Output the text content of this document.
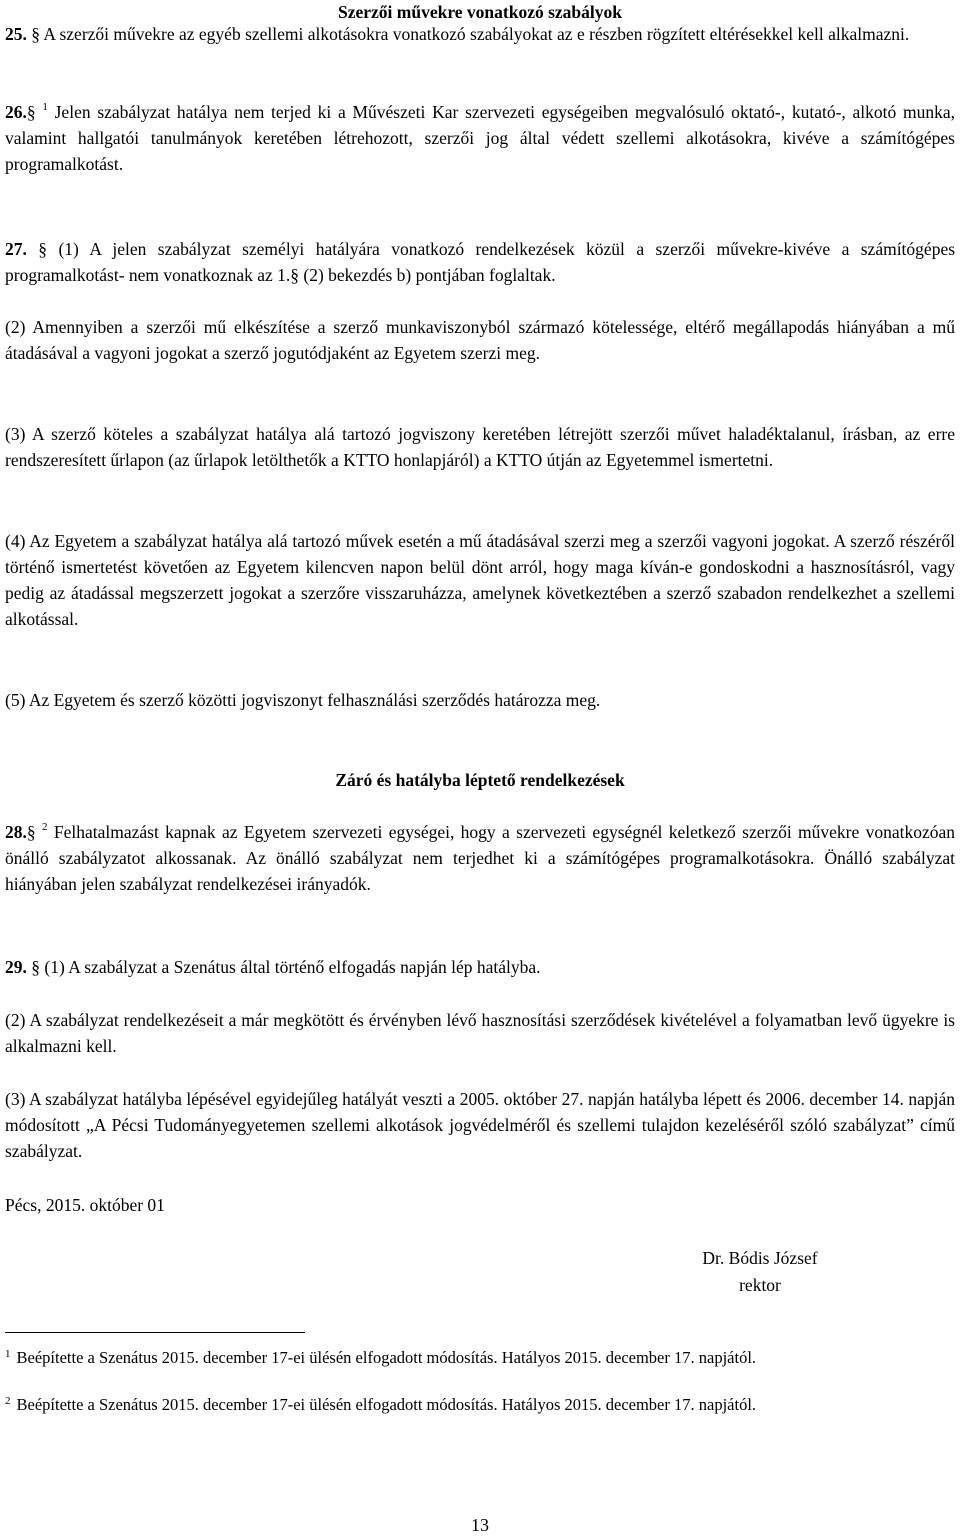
Szerzői művekre vonatkozó szabályok

25. § A szerzői művekre az egyéb szellemi alkotásokra vonatkozó szabályokat az e részben rögzített eltérésekkel kell alkalmazni.

26.§ $^1$ Jelen szabályzat hatálya nem terjed ki a Művészeti Kar szervezeti egységeiben megvalósuló oktató-, kutató-, alkotó munka, valamint hallgatói tanulmányok keretében létrehozott, szerzői jog által védett szellemi alkotásokra, kivéve a számítógépes programalkotást.

27. § (1) A jelen szabályzat személyi hatályára vonatkozó rendelkezések közül a szerzői művekre-kivéve a számítógépes programalkotást- nem vonatkoznak az 1.§ (2) bekezdés b) pontjában foglaltak.

(2) Amennyiben a szerzői mű elkészítése a szerző munkaviszonyból származó kötelessége, eltérő megállapodás hiányában a mű átadásával a vagyoni jogokat a szerző jogutódjaként az Egyetem szerzi meg.

(3) A szerző köteles a szabályzat hatálya alá tartozó jogviszony keretében létrejött szerzői művet haladéktalanul, írásban, az erre rendszeresített űrlapon (az űrlapok letölthetők a KTTO honlapjáról) a KTTO útján az Egyetemmel ismertetni.

(4) Az Egyetem a szabályzat hatálya alá tartozó művek esetén a mű átadásával szerzi meg a szerzői vagyoni jogokat. A szerző részéről történő ismertetést követően az Egyetem kilencven napon belül dönt arról, hogy maga kíván-e gondoskodni a hasznosításról, vagy pedig az átadással megszerzett jogokat a szerzőre visszaruházza, amelynek következtében a szerző szabadon rendelkezhet a szellemi alkotással.

(5) Az Egyetem és szerző közötti jogviszonyt felhasználási szerződés határozza meg.

Záró és hatályba léptető rendelkezések

28.§ $^2$ Felhatalmazást kapnak az Egyetem szervezeti egységei, hogy a szervezeti egységnél keletkező szerzői művekre vonatkozóan önálló szabályzatot alkossanak. Az önálló szabályzat nem terjedhet ki a számítógépes programalkotásokra. Önálló szabályzat hiányában jelen szabályzat rendelkezései irányadók.

29. § (1) A szabályzat a Szenátus által történő elfogadás napján lép hatályba.

(2) A szabályzat rendelkezéseit a már megkötött és érvényben lévő hasznosítási szerződések kivételével a folyamatban levő ügyekre is alkalmazni kell.

(3) A szabályzat hatályba lépésével egyidejűleg hatályát veszti a 2005. október 27. napján hatályba lépett és 2006. december 14. napján módosított „A Pécsi Tudományegyetemen szellemi alkotások jogvédelméről és szellemi tulajdon kezeléséről szóló szabályzat” című szabályzat.

Pécs, 2015. október 01

Dr. Bódis József

rektor

$^1$ Beépítette a Szenátus 2015. december 17-ei ülésén elfogadott módosítás. Hatályos 2015. december 17. napjától.

$^2$ Beépítette a Szenátus 2015. december 17-ei ülésén elfogadott módosítás. Hatályos 2015. december 17. napjától.

13
